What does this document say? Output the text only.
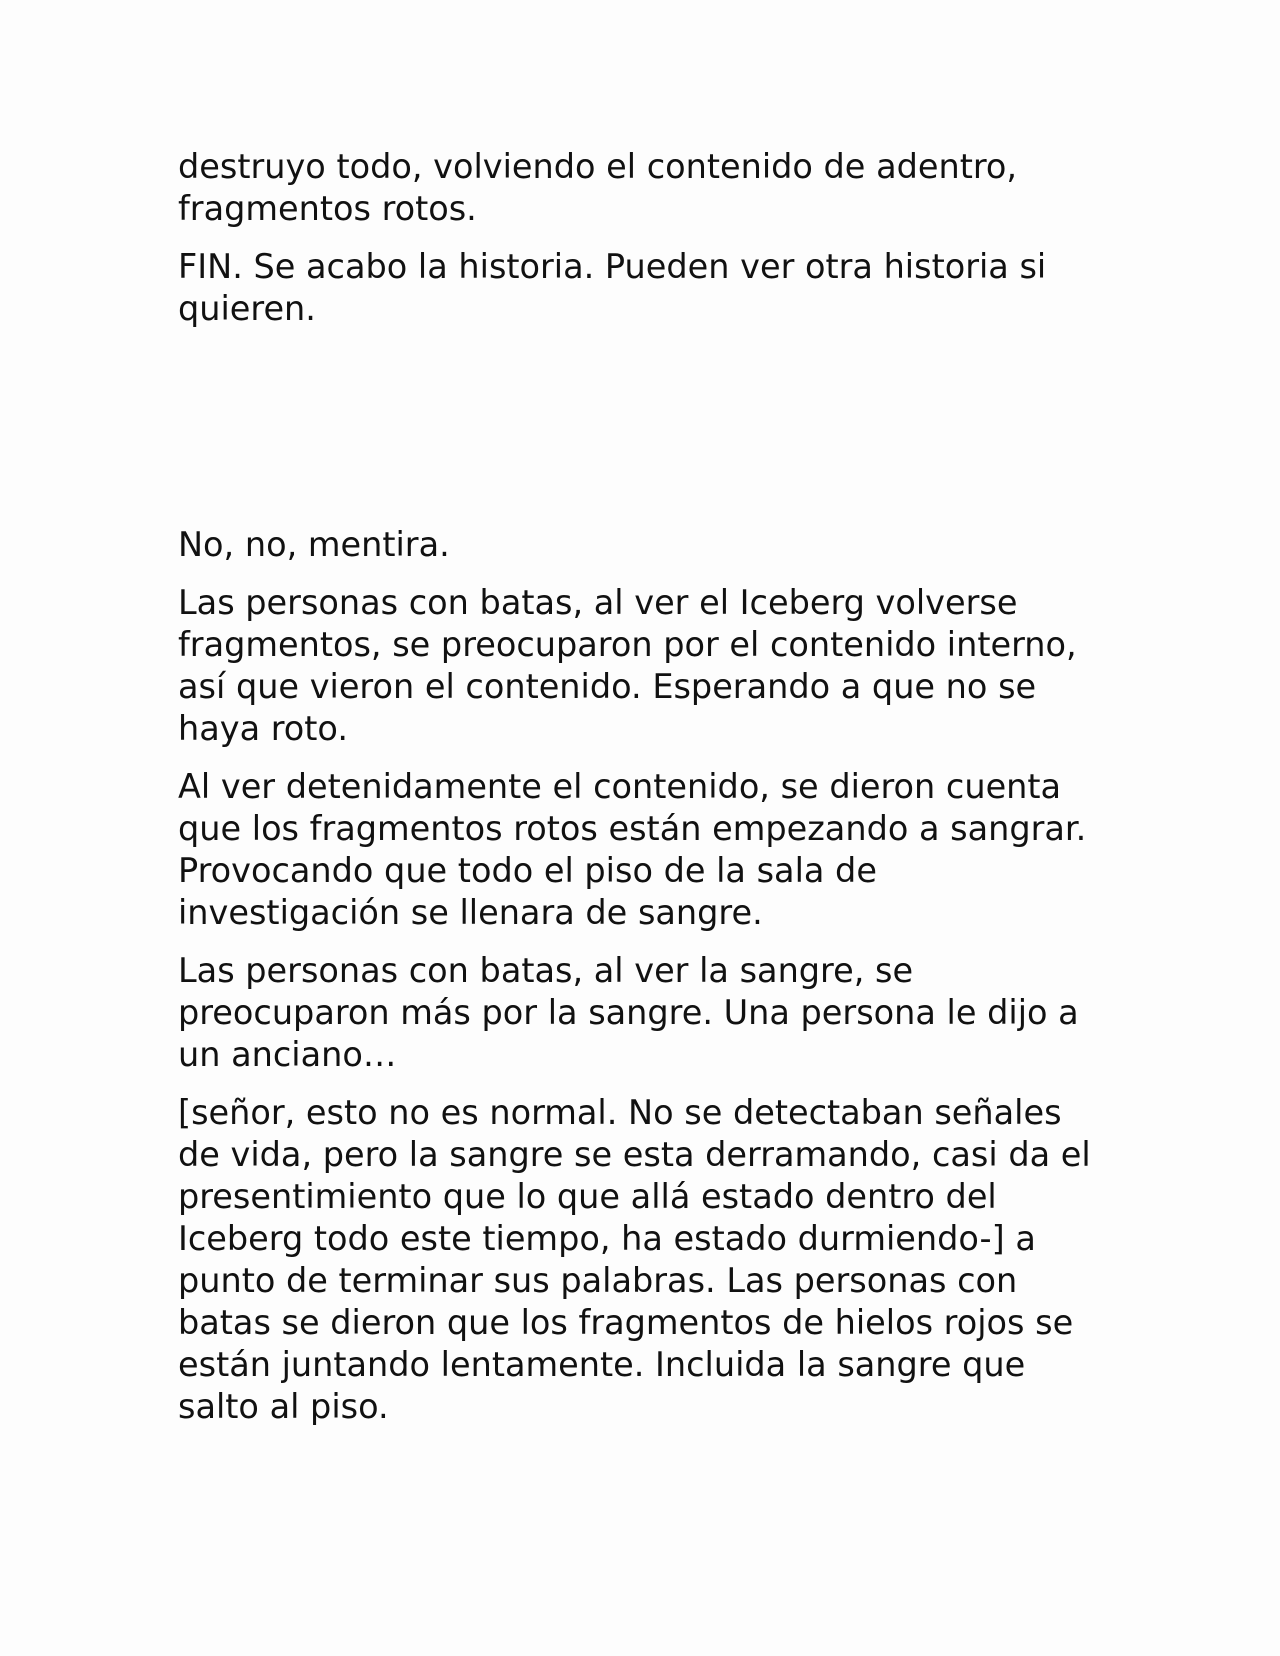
destruyo todo, volviendo el contenido de adentro, fragmentos rotos.

FIN. Se acabo la historia. Pueden ver otra historia si quieren.

No, no, mentira.

Las personas con batas, al ver el Iceberg volverse fragmentos, se preocuparon por el contenido interno, así que vieron el contenido. Esperando a que no se haya roto.

Al ver detenidamente el contenido, se dieron cuenta que los fragmentos rotos están empezando a sangrar. Provocando que todo el piso de la sala de investigación se llenara de sangre.

Las personas con batas, al ver la sangre, se preocuparon más por la sangre. Una persona le dijo a un anciano…

[señor, esto no es normal. No se detectaban señales de vida, pero la sangre se esta derramando, casi da el presentimiento que lo que allá estado dentro del Iceberg todo este tiempo, ha estado durmiendo-] a punto de terminar sus palabras. Las personas con batas se dieron que los fragmentos de hielos rojos se están juntando lentamente. Incluida la sangre que salto al piso.
